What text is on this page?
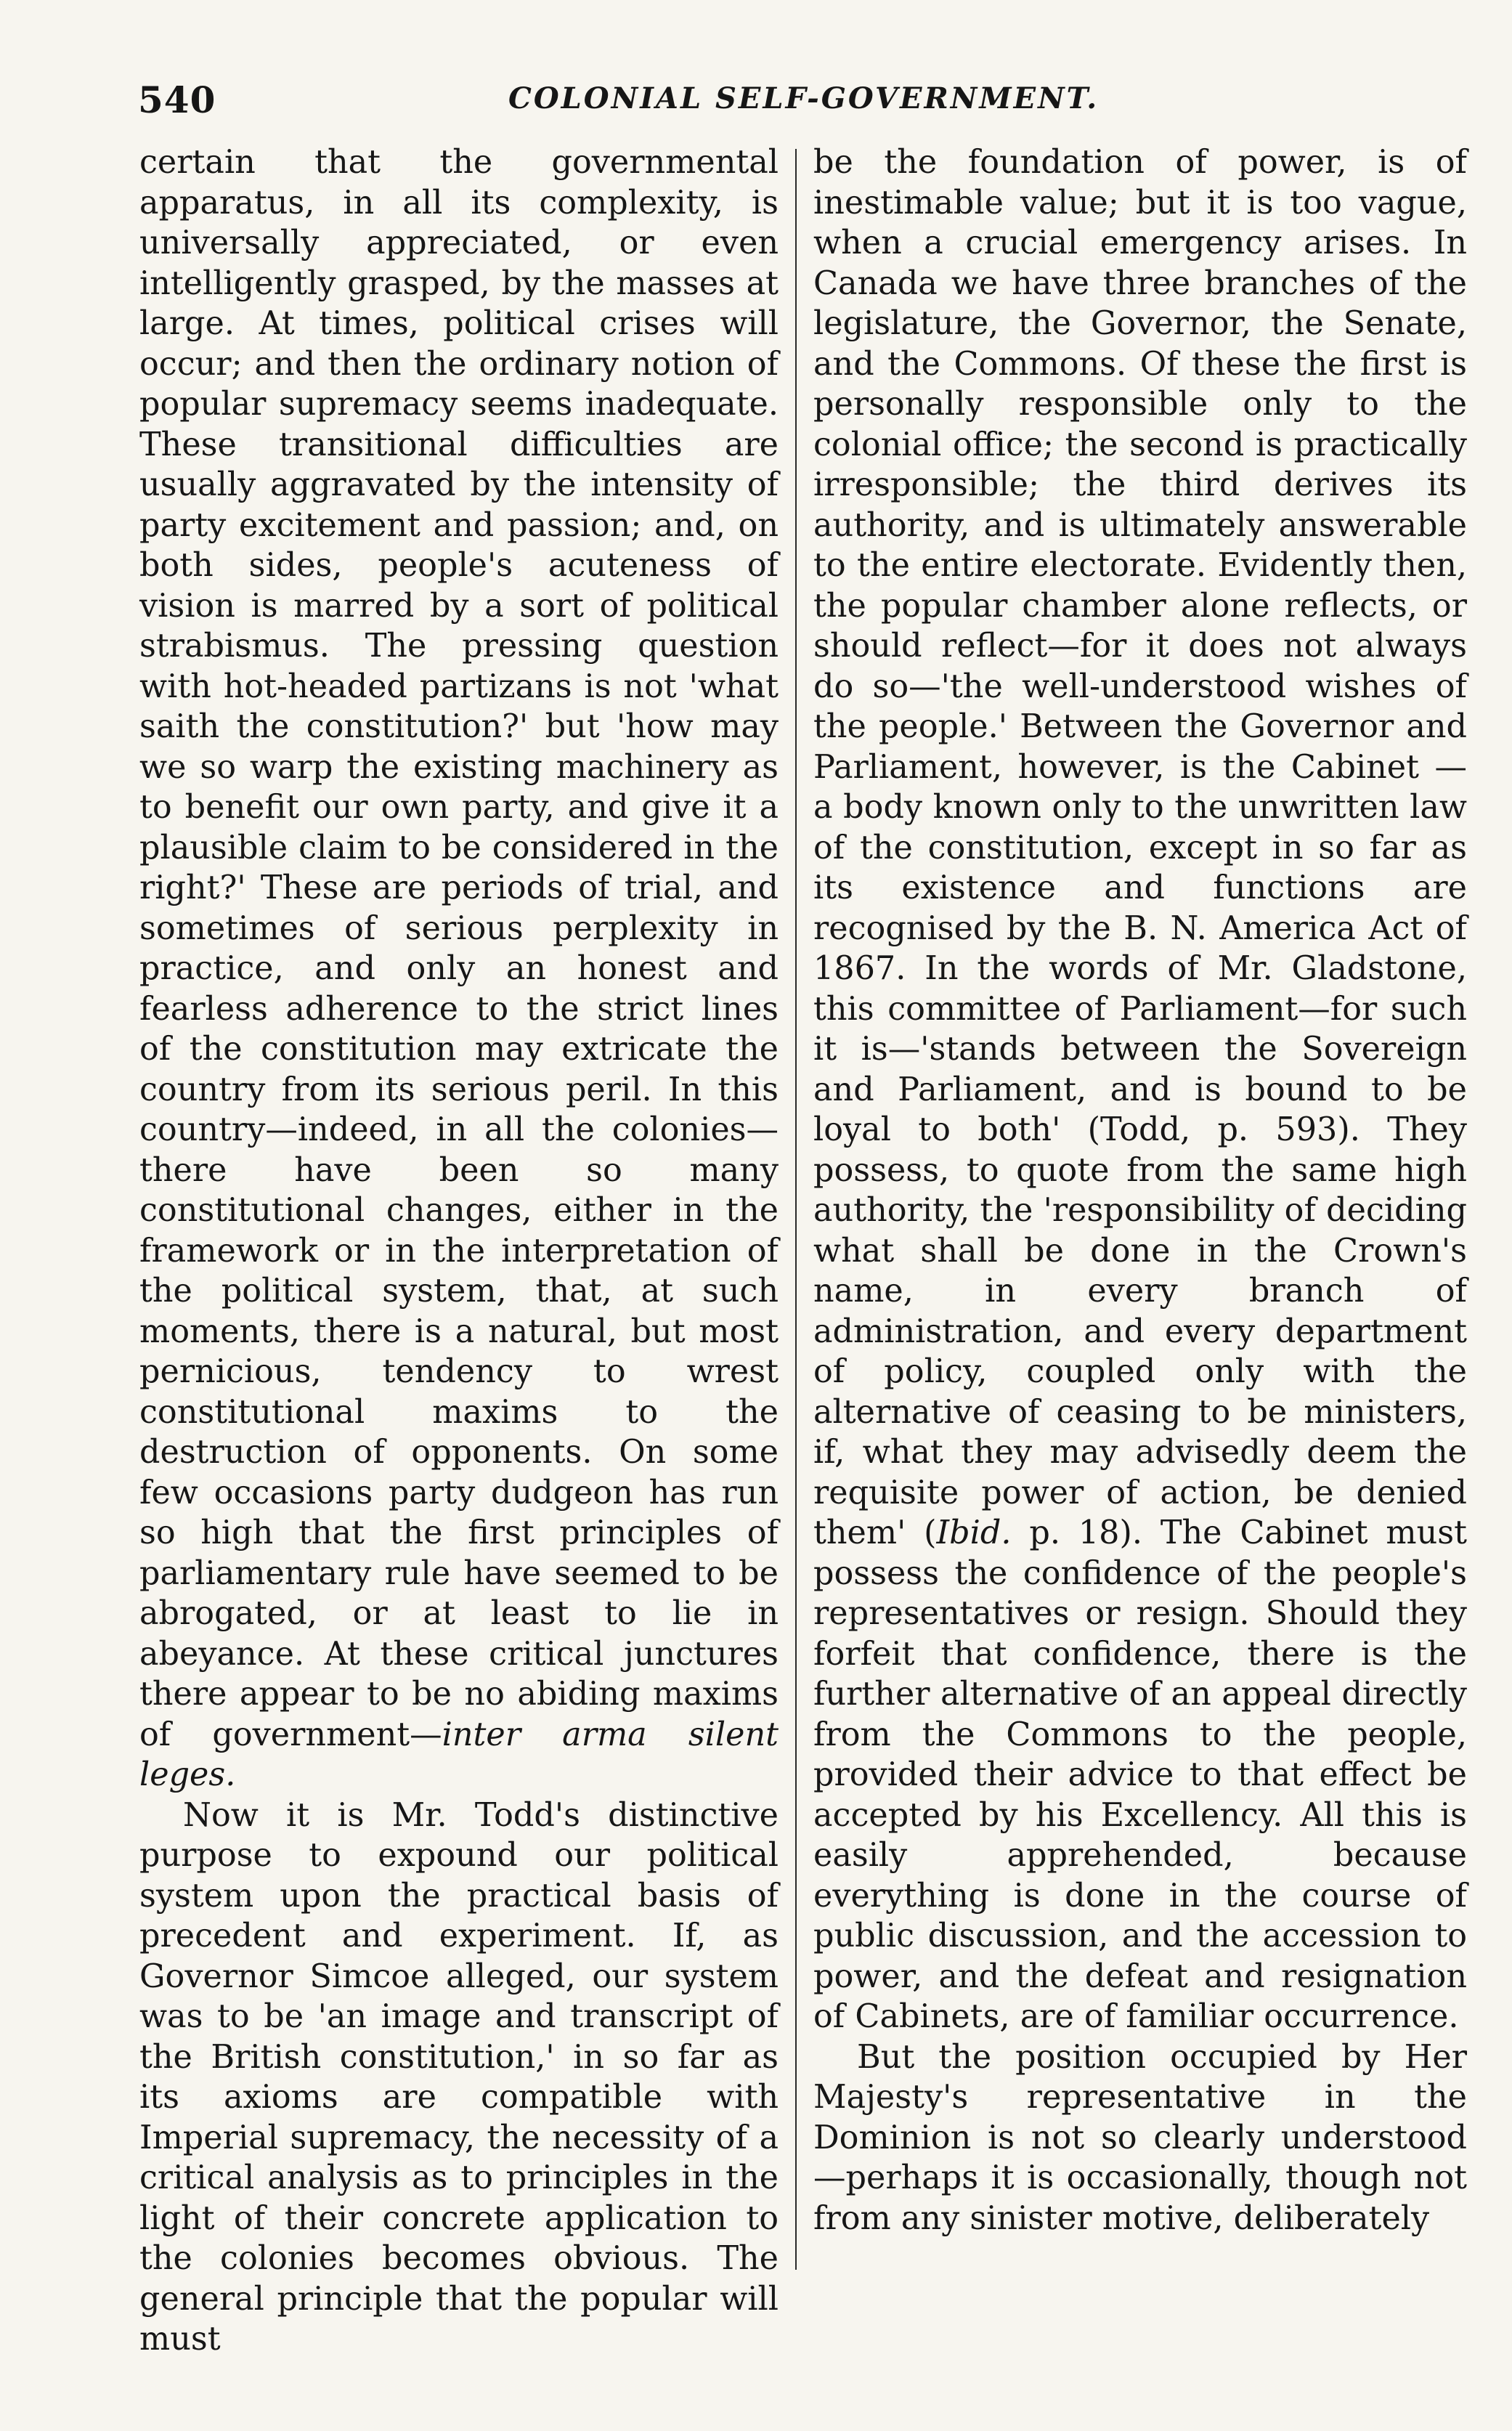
540	COLONIAL SELF-GOVERNMENT.

certain that the governmental apparatus, in all its complexity, is universally appreciated, or even intelligently grasped, by the masses at large. At times, political crises will occur; and then the ordinary notion of popular supremacy seems inadequate. These transitional difficulties are usually aggravated by the intensity of party excitement and passion; and, on both sides, people's acuteness of vision is marred by a sort of political strabismus. The pressing question with hot-headed partizans is not 'what saith the constitution?' but 'how may we so warp the existing machinery as to benefit our own party, and give it a plausible claim to be considered in the right?' These are periods of trial, and sometimes of serious perplexity in practice, and only an honest and fearless adherence to the strict lines of the constitution may extricate the country from its serious peril. In this country—indeed, in all the colonies—there have been so many constitutional changes, either in the framework or in the interpretation of the political system, that, at such moments, there is a natural, but most pernicious, tendency to wrest constitutional maxims to the destruction of opponents. On some few occasions party dudgeon has run so high that the first principles of parliamentary rule have seemed to be abrogated, or at least to lie in abeyance. At these critical junctures there appear to be no abiding maxims of government—inter arma silent leges.

Now it is Mr. Todd's distinctive purpose to expound our political system upon the practical basis of precedent and experiment. If, as Governor Simcoe alleged, our system was to be 'an image and transcript of the British constitution,' in so far as its axioms are compatible with Imperial supremacy, the necessity of a critical analysis as to principles in the light of their concrete application to the colonies becomes obvious. The general principle that the popular will must

be the foundation of power, is of inestimable value; but it is too vague, when a crucial emergency arises. In Canada we have three branches of the legislature, the Governor, the Senate, and the Commons. Of these the first is personally responsible only to the colonial office; the second is practically irresponsible; the third derives its authority, and is ultimately answerable to the entire electorate. Evidently then, the popular chamber alone reflects, or should reflect—for it does not always do so—'the well-understood wishes of the people.' Between the Governor and Parliament, however, is the Cabinet — a body known only to the unwritten law of the constitution, except in so far as its existence and functions are recognised by the B. N. America Act of 1867. In the words of Mr. Gladstone, this committee of Parliament—for such it is—'stands between the Sovereign and Parliament, and is bound to be loyal to both' (Todd, p. 593). They possess, to quote from the same high authority, the 'responsibility of deciding what shall be done in the Crown's name, in every branch of administration, and every department of policy, coupled only with the alternative of ceasing to be ministers, if, what they may advisedly deem the requisite power of action, be denied them' (Ibid. p. 18). The Cabinet must possess the confidence of the people's representatives or resign. Should they forfeit that confidence, there is the further alternative of an appeal directly from the Commons to the people, provided their advice to that effect be accepted by his Excellency. All this is easily apprehended, because everything is done in the course of public discussion, and the accession to power, and the defeat and resignation of Cabinets, are of familiar occurrence.

But the position occupied by Her Majesty's representative in the Dominion is not so clearly understood—perhaps it is occasionally, though not from any sinister motive, deliberately
